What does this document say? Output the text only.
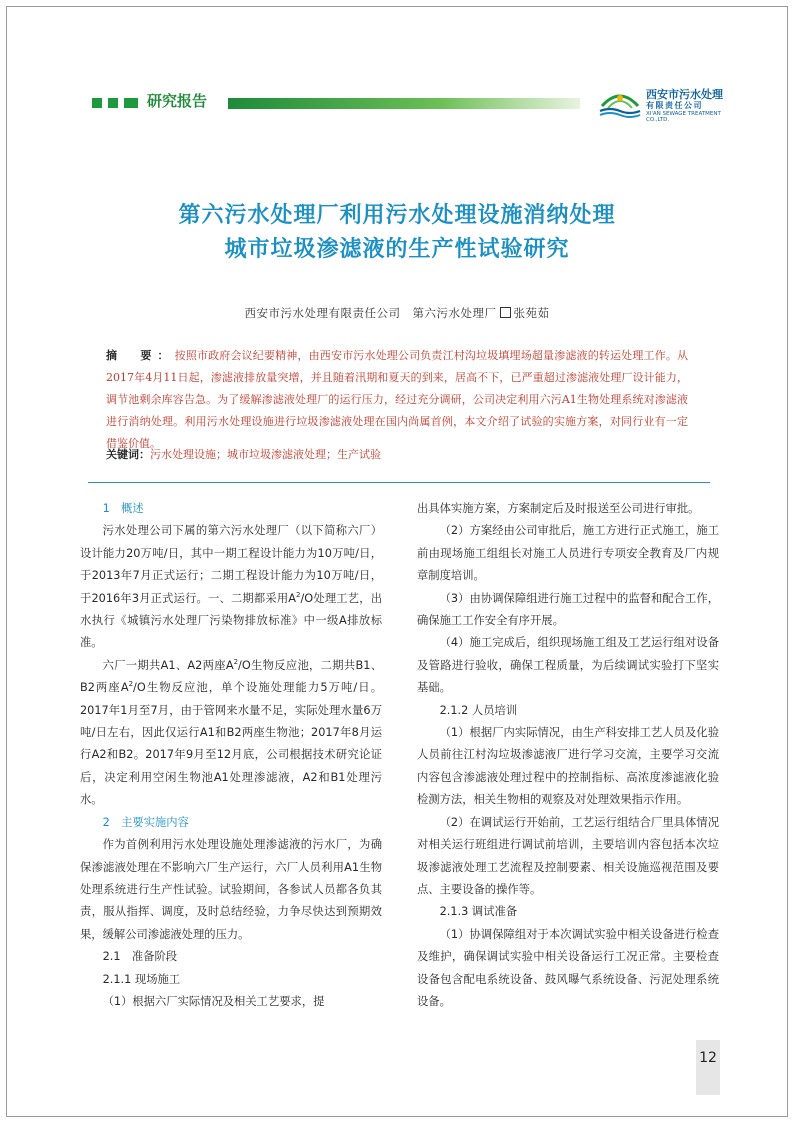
研究报告	西安市污水处理
有限责任公司
XI'AN SEWAGE TREATMENT CO.,LTD.
第六污水处理厂利用污水处理设施消纳处理
城市垃圾渗滤液的生产性试验研究
西安市污水处理有限责任公司　第六污水处理厂 张苑茹
摘　要：按照市政府会议纪要精神，由西安市污水处理公司负责江村沟垃圾填埋场超量渗滤液的转运处理工作。从2017年4月11日起，渗滤液排放量突增，并且随着汛期和夏天的到来，居高不下，已严重超过渗滤液处理厂设计能力，调节池剩余库容告急。为了缓解渗滤液处理厂的运行压力，经过充分调研，公司决定利用六污A1生物处理系统对渗滤液进行消纳处理。利用污水处理设施进行垃圾渗滤液处理在国内尚属首例，本文介绍了试验的实施方案，对同行业有一定借鉴价值。
关键词：污水处理设施；城市垃圾渗滤液处理；生产试验
1　概述

污水处理公司下属的第六污水处理厂（以下简称六厂）设计能力20万吨/日，其中一期工程设计能力为10万吨/日，于2013年7月正式运行；二期工程设计能力为10万吨/日，于2016年3月正式运行。一、二期都采用$A^2/O$处理工艺，出水执行《城镇污水处理厂污染物排放标准》中一级A排放标准。

六厂一期共A1、A2两座$A^2/O$生物反应池，二期共B1、B2两座$A^2/O$生物反应池，单个设施处理能力5万吨/日。2017年1月至7月，由于管网来水量不足，实际处理水量6万吨/日左右，因此仅运行A1和B2两座生物池；2017年8月运行A2和B2。2017年9月至12月底，公司根据技术研究论证后，决定利用空闲生物池A1处理渗滤液，A2和B1处理污水。

2　主要实施内容

作为首例利用污水处理设施处理渗滤液的污水厂，为确保渗滤液处理在不影响六厂生产运行，六厂人员利用A1生物处理系统进行生产性试验。试验期间，各参试人员都各负其责，服从指挥、调度，及时总结经验，力争尽快达到预期效果，缓解公司渗滤液处理的压力。

2.1　准备阶段
2.1.1 现场施工

（1）根据六厂实际情况及相关工艺要求，提

出具体实施方案，方案制定后及时报送至公司进行审批。

（2）方案经由公司审批后，施工方进行正式施工，施工前由现场施工组组长对施工人员进行专项安全教育及厂内规章制度培训。

（3）由协调保障组进行施工过程中的监督和配合工作，确保施工工作安全有序开展。

（4）施工完成后，组织现场施工组及工艺运行组对设备及管路进行验收，确保工程质量，为后续调试实验打下坚实基础。

2.1.2 人员培训

（1）根据厂内实际情况，由生产科安排工艺人员及化验人员前往江村沟垃圾渗滤液厂进行学习交流，主要学习交流内容包含渗滤液处理过程中的控制指标、高浓度渗滤液化验检测方法，相关生物相的观察及对处理效果指示作用。

（2）在调试运行开始前，工艺运行组结合厂里具体情况对相关运行班组进行调试前培训，主要培训内容包括本次垃圾渗滤液处理工艺流程及控制要素、相关设施巡视范围及要点、主要设备的操作等。

2.1.3 调试准备

（1）协调保障组对于本次调试实验中相关设备进行检查及维护，确保调试实验中相关设备运行工况正常。主要检查设备包含配电系统设备、鼓风曝气系统设备、污泥处理系统设备。

12
